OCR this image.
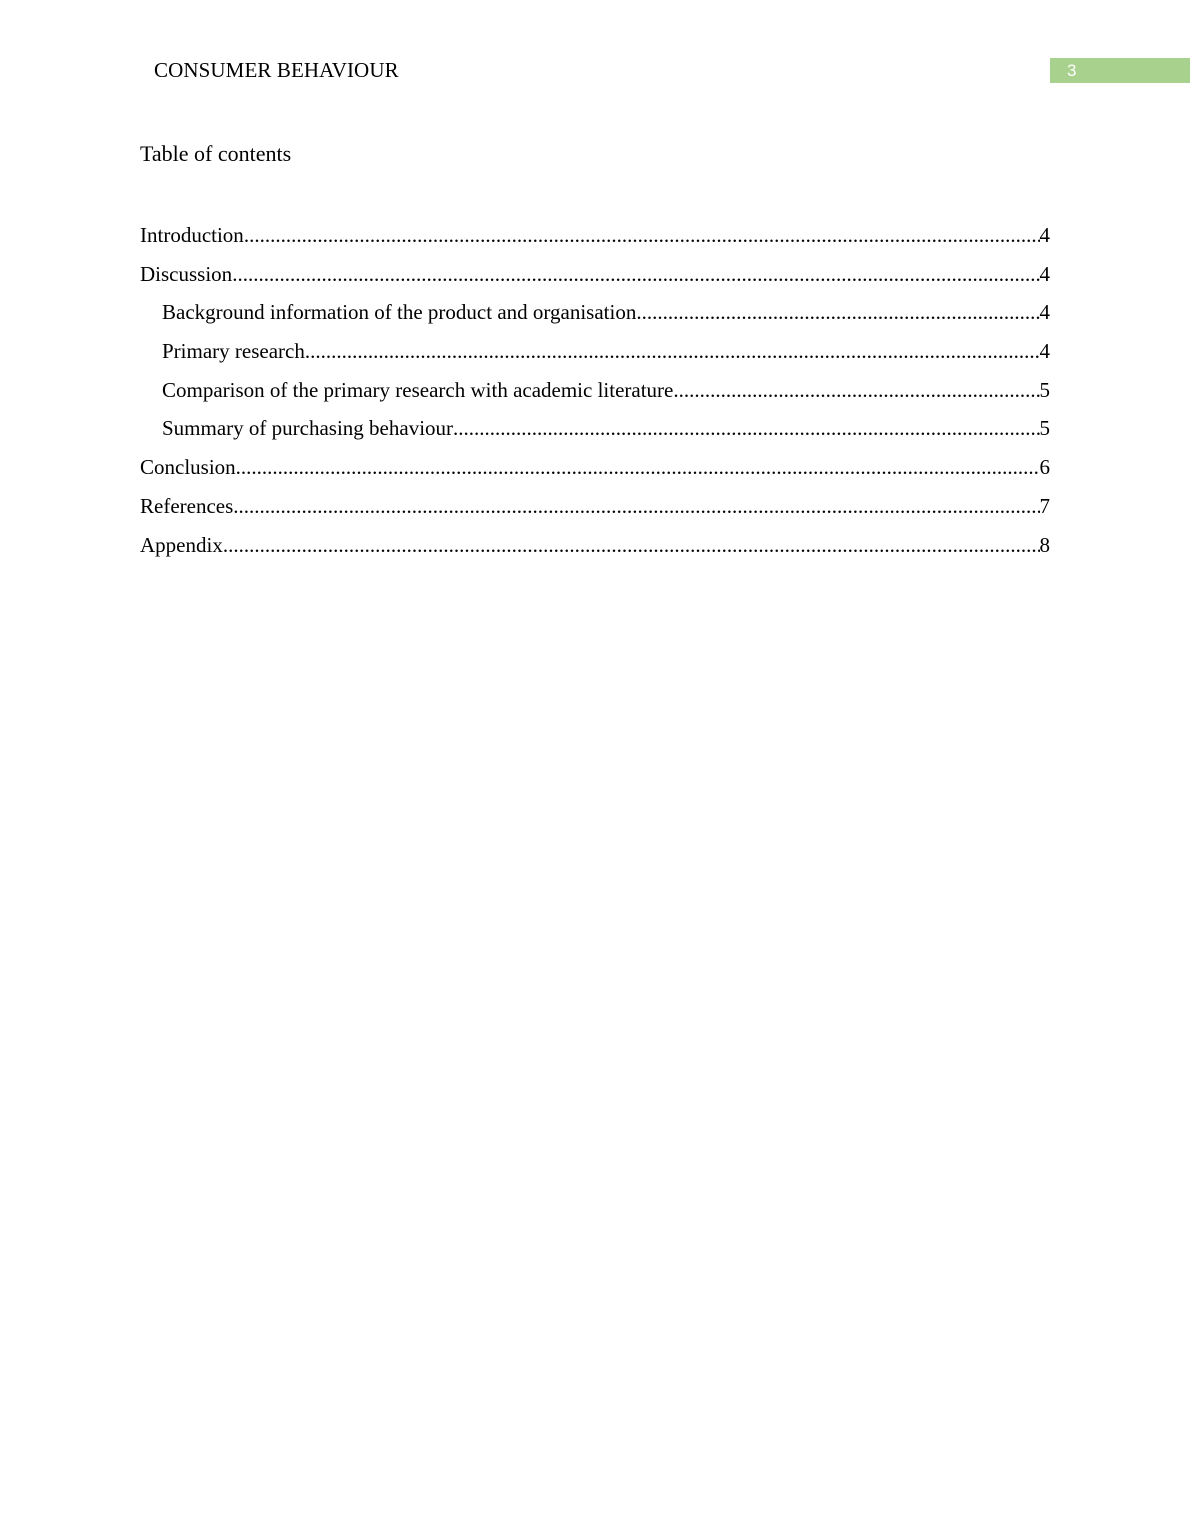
CONSUMER BEHAVIOUR	3
Table of contents
Introduction .....	4
Discussion .....	4
Background information of the product and organisation .....	4
Primary research .....	4
Comparison of the primary research with academic literature .....	5
Summary of purchasing behaviour .....	5
Conclusion .....	6
References .....	7
Appendix .....	8
